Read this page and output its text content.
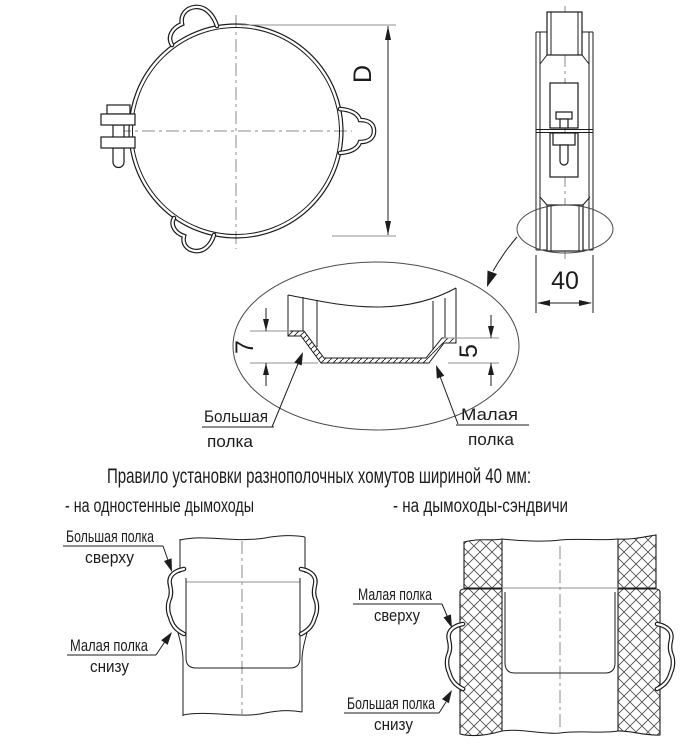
D
40
7	5
Большая
полка
Малая
полка
Правило установки разнополочных хомутов шириной 40 мм:
- на одностенные дымоходы	- на дымоходы-сэндвичи
Большая полка
сверху
Малая полка
снизу
Малая полка
сверху
Большая полка
снизу
